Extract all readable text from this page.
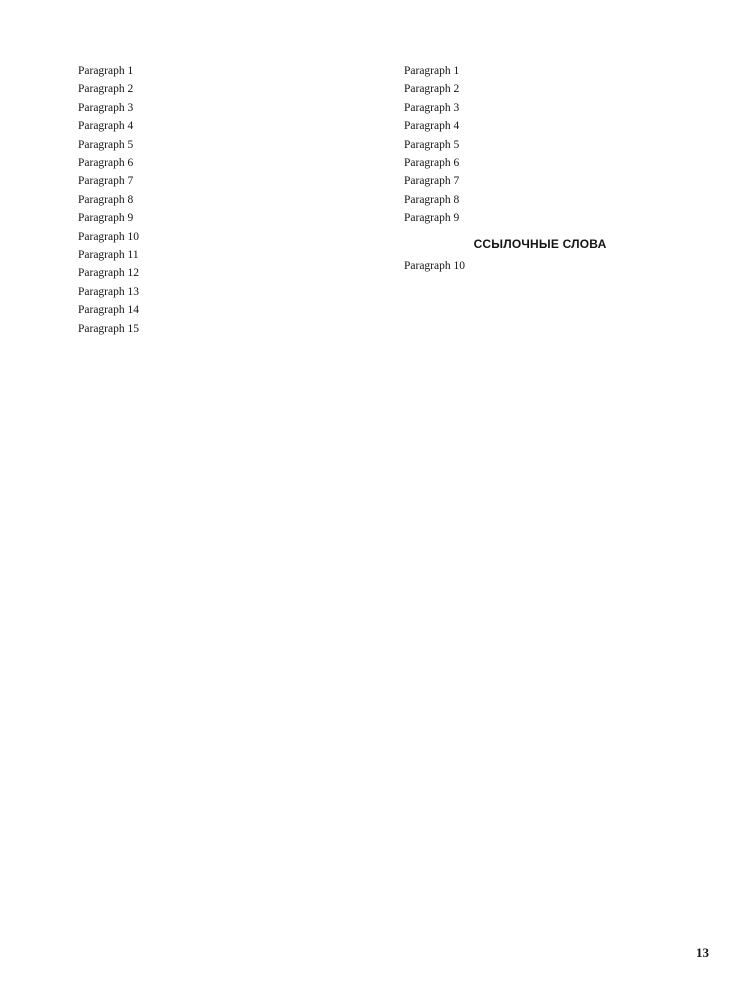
Paragraph 1

Paragraph 2

Paragraph 3

Paragraph 4

Paragraph 5

Paragraph 6

Paragraph 7

Paragraph 8

Paragraph 9

Paragraph 10

Paragraph 11

Paragraph 12

Paragraph 13

Paragraph 14

Paragraph 15

Paragraph 1

Paragraph 2

Paragraph 3

Paragraph 4

Paragraph 5

Paragraph 6

Paragraph 7

Paragraph 8

Paragraph 9

ССЫЛОЧНЫЕ СЛОВА

Paragraph 10

13
